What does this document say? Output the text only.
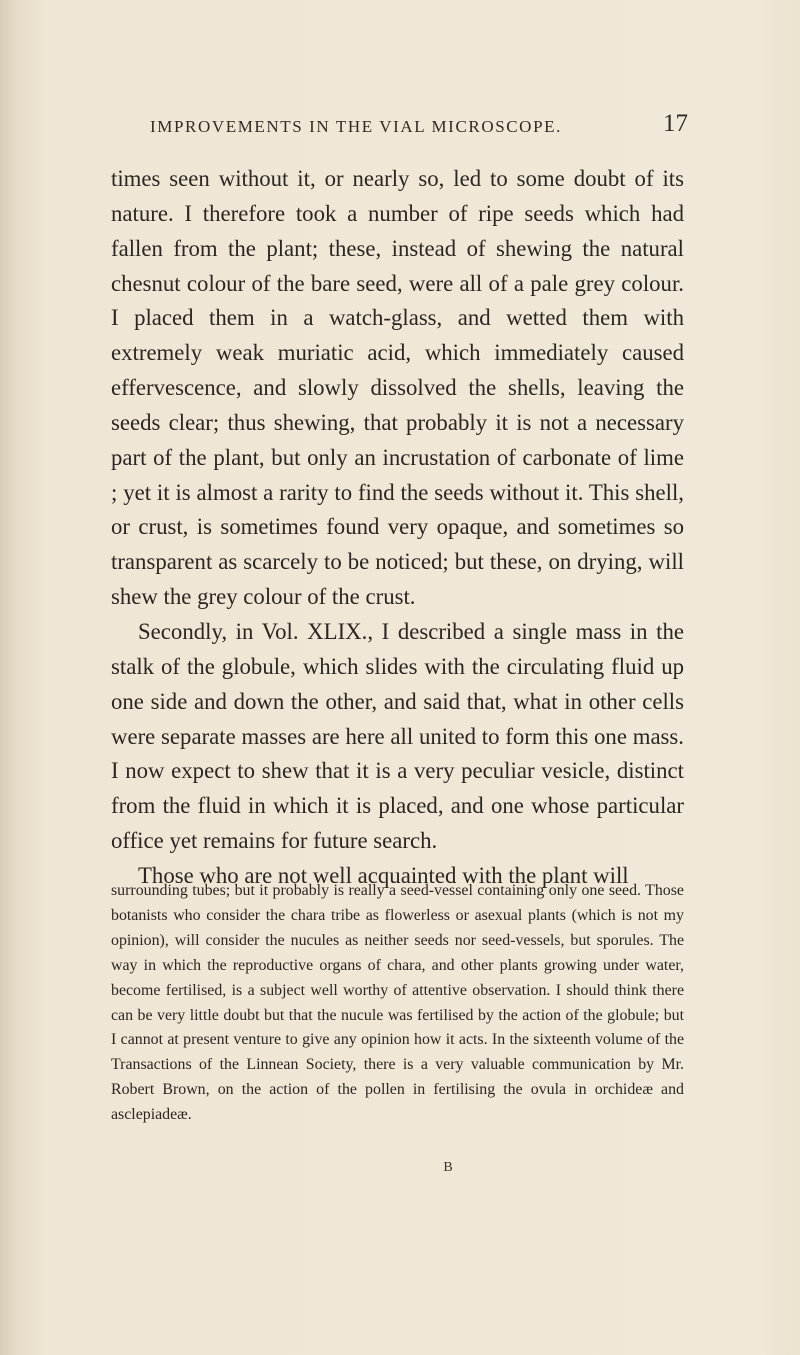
IMPROVEMENTS IN THE VIAL MICROSCOPE.	17

times seen without it, or nearly so, led to some doubt of its nature. I therefore took a number of ripe seeds which had fallen from the plant; these, instead of shewing the natural chesnut colour of the bare seed, were all of a pale grey colour. I placed them in a watch-glass, and wetted them with extremely weak muriatic acid, which immediately caused effervescence, and slowly dissolved the shells, leaving the seeds clear; thus shewing, that probably it is not a necessary part of the plant, but only an incrustation of carbonate of lime ; yet it is almost a rarity to find the seeds without it. This shell, or crust, is sometimes found very opaque, and sometimes so transparent as scarcely to be noticed; but these, on drying, will shew the grey colour of the crust.

Secondly, in Vol. XLIX., I described a single mass in the stalk of the globule, which slides with the circulating fluid up one side and down the other, and said that, what in other cells were separate masses are here all united to form this one mass. I now expect to shew that it is a very peculiar vesicle, distinct from the fluid in which it is placed, and one whose particular office yet remains for future search.

Those who are not well acquainted with the plant will

surrounding tubes; but it probably is really a seed-vessel containing only one seed. Those botanists who consider the chara tribe as flowerless or asexual plants (which is not my opinion), will consider the nucules as neither seeds nor seed-vessels, but sporules. The way in which the reproductive organs of chara, and other plants growing under water, become fertilised, is a subject well worthy of attentive observation. I should think there can be very little doubt but that the nucule was fertilised by the action of the globule; but I cannot at present venture to give any opinion how it acts. In the sixteenth volume of the Transactions of the Linnean Society, there is a very valuable communication by Mr. Robert Brown, on the action of the pollen in fertilising the ovula in orchideæ and asclepiadeæ.

B
